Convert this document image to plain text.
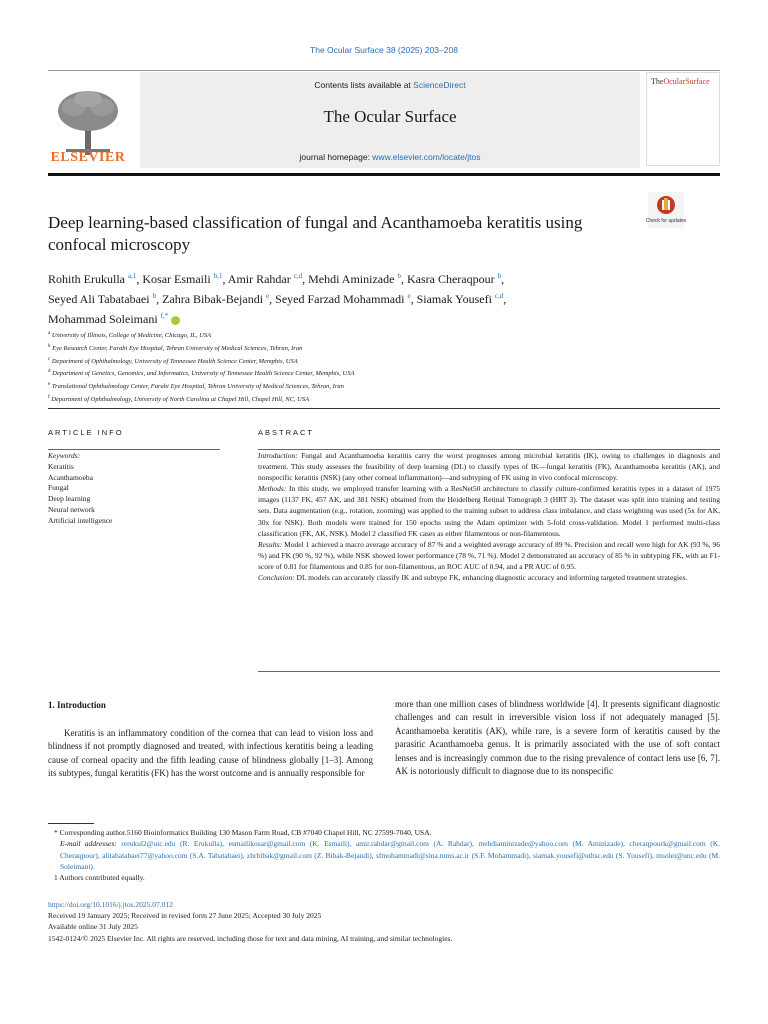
The Ocular Surface 38 (2025) 203–208
ELSEVIER
Contents lists available at ScienceDirect
The Ocular Surface
journal homepage: www.elsevier.com/locate/jtos
TheOcularSurface
Deep learning-based classification of fungal and Acanthamoeba keratitis using confocal microscopy
Check for updates
Rohith Erukulla $^{a,1}$, Kosar Esmaili $^{b,1}$, Amir Rahdar $^{c,d}$, Mehdi Aminizade $^b$, Kasra Cheraqpour $^b$,
Seyed Ali Tabatabaei $^b$, Zahra Bibak-Bejandi $^e$, Seyed Farzad Mohammadi $^e$, Siamak Yousefi $^{c,d}$,
Mohammad Soleimani $^{f,*}$
$^a$ University of Illinois, College of Medicine, Chicago, IL, USA
$^b$ Eye Research Center, Farabi Eye Hospital, Tehran University of Medical Sciences, Tehran, Iran
$^c$ Department of Ophthalmology, University of Tennessee Health Science Center, Memphis, USA
$^d$ Department of Genetics, Genomics, and Informatics, University of Tennessee Health Science Center, Memphis, USA
$^e$ Translational Ophthalmology Center, Farabi Eye Hospital, Tehran University of Medical Sciences, Tehran, Iran
$^f$ Department of Ophthalmology, University of North Carolina at Chapel Hill, Chapel Hill, NC, USA
ARTICLE INFO	ABSTRACT
Keywords:
Keratitis
Acanthamoeba
Fungal
Deep learning
Neural network
Artificial intelligence
Introduction: Fungal and Acanthamoeba keratitis carry the worst prognoses among microbial keratitis (IK), owing to challenges in diagnosis and treatment. This study assesses the feasibility of deep learning (DL) to classify types of IK—fungal keratitis (FK), Acanthamoeba keratitis (AK), and nonspecific keratitis (NSK) (any other corneal inflammation)—and subtyping of FK using in vivo confocal microscopy.
Methods: In this study, we employed transfer learning with a ResNet50 architecture to classify culture-confirmed keratitis types in a dataset of 1975 images (1137 FK, 457 AK, and 381 NSK) obtained from the Heidelberg Retinal Tomograph 3 (HRT 3). The dataset was split into training and testing sets. Data augmentation (e.g., rotation, zooming) was applied to the training subset to address class imbalance, and class weighting was used (5x for AK, 30x for NSK). Both models were trained for 150 epochs using the Adam optimizer with 5-fold cross-validation. Model 1 performed multi-class classification (FK, AK, NSK). Model 2 classified FK cases as either filamentous or non-filamentous.
Results: Model 1 achieved a macro average accuracy of 87 % and a weighted average accuracy of 89 %. Precision and recall were high for AK (93 %, 96 %) and FK (90 %, 92 %), while NSK showed lower performance (78 %, 71 %). Model 2 demonstrated an accuracy of 85 % in subtyping FK, with an F1-score of 0.81 for filamentous and 0.85 for non-filamentous, an ROC AUC of 0.94, and a PR AUC of 0.95.
Conclusion: DL models can accurately classify IK and subtype FK, enhancing diagnostic accuracy and informing targeted treatment strategies.
1. Introduction
Keratitis is an inflammatory condition of the cornea that can lead to vision loss and blindness if not promptly diagnosed and treated, with infectious keratitis being a leading cause of corneal opacity and the fifth leading cause of blindness globally [1–3]. Among its subtypes, fungal keratitis (FK) has the worst outcome and is annually responsible for
more than one million cases of blindness worldwide [4]. It presents significant diagnostic challenges and can result in irreversible vision loss if not adequately managed [5]. Acanthamoeba keratitis (AK), while rare, is a severe form of keratitis caused by the parasitic Acanthamoeba genus. It is primarily associated with the use of soft contact lenses and is increasingly common due to the rising prevalence of contact lens use [6, 7]. AK is notoriously difficult to diagnose due to its nonspecific
* Corresponding author.5160 Bioinformatics Building 130 Mason Farm Road, CB #7040 Chapel Hill, NC 27599-7040, USA.
E-mail addresses: rerukul2@uic.edu (R. Erukulla), esmailikosar@gmail.com (K. Esmaili), amir.rahdar@gmail.com (A. Rahdar), mehdiaminizade@yahoo.com (M. Aminizade), cheraqpourk@gmail.com (K. Cheraqpour), alitabatabaei77@yahoo.com (S.A. Tabatabaei), zhrbibak@gmail.com (Z. Bibak-Bejandi), sfmohammadi@sina.tums.ac.ir (S.F. Mohammadi), siamak.yousefi@uthsc.edu (S. Yousefi), msolei@unc.edu (M. Soleimani).
1 Authors contributed equally.
https://doi.org/10.1016/j.jtos.2025.07.012
Received 19 January 2025; Received in revised form 27 June 2025; Accepted 30 July 2025
Available online 31 July 2025
1542-0124/© 2025 Elsevier Inc. All rights are reserved, including those for text and data mining, AI training, and similar technologies.
